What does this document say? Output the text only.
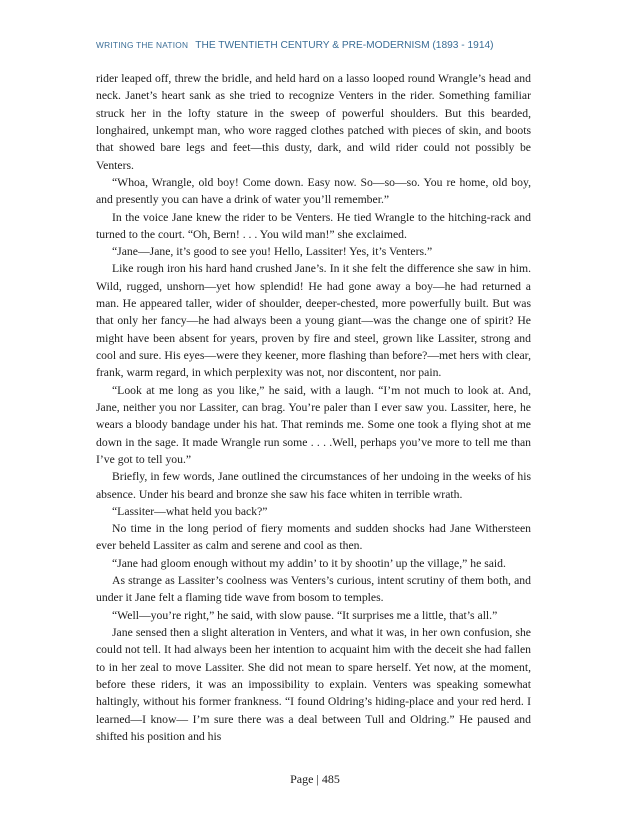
WRITING THE NATION THE TWENTIETH CENTURY & PRE-MODERNISM (1893 - 1914)

rider leaped off, threw the bridle, and held hard on a lasso looped round Wrangle’s head and neck. Janet’s heart sank as she tried to recognize Venters in the rider. Something familiar struck her in the lofty stature in the sweep of powerful shoulders. But this bearded, longhaired, unkempt man, who wore ragged clothes patched with pieces of skin, and boots that showed bare legs and feet—this dusty, dark, and wild rider could not possibly be Venters.

“Whoa, Wrangle, old boy! Come down. Easy now. So—so—so. You re home, old boy, and presently you can have a drink of water you’ll remember.”

In the voice Jane knew the rider to be Venters. He tied Wrangle to the hitching-rack and turned to the court. “Oh, Bern! . . . You wild man!” she exclaimed.

“Jane—Jane, it’s good to see you! Hello, Lassiter! Yes, it’s Venters.”

Like rough iron his hard hand crushed Jane’s. In it she felt the difference she saw in him. Wild, rugged, unshorn—yet how splendid! He had gone away a boy—he had returned a man. He appeared taller, wider of shoulder, deeper-chested, more powerfully built. But was that only her fancy—he had always been a young giant—was the change one of spirit? He might have been absent for years, proven by fire and steel, grown like Lassiter, strong and cool and sure. His eyes—were they keener, more flashing than before?—met hers with clear, frank, warm regard, in which perplexity was not, nor discontent, nor pain.

“Look at me long as you like,” he said, with a laugh. “I’m not much to look at. And, Jane, neither you nor Lassiter, can brag. You’re paler than I ever saw you. Lassiter, here, he wears a bloody bandage under his hat. That reminds me. Some one took a flying shot at me down in the sage. It made Wrangle run some . . . .Well, perhaps you’ve more to tell me than I’ve got to tell you.”

Briefly, in few words, Jane outlined the circumstances of her undoing in the weeks of his absence. Under his beard and bronze she saw his face whiten in terrible wrath.

“Lassiter—what held you back?”

No time in the long period of fiery moments and sudden shocks had Jane Withersteen ever beheld Lassiter as calm and serene and cool as then.

“Jane had gloom enough without my addin’ to it by shootin’ up the village,” he said.

As strange as Lassiter’s coolness was Venters’s curious, intent scrutiny of them both, and under it Jane felt a flaming tide wave from bosom to temples.

“Well—you’re right,” he said, with slow pause. “It surprises me a little, that’s all.”

Jane sensed then a slight alteration in Venters, and what it was, in her own confusion, she could not tell. It had always been her intention to acquaint him with the deceit she had fallen to in her zeal to move Lassiter. She did not mean to spare herself. Yet now, at the moment, before these riders, it was an impossibility to explain. Venters was speaking somewhat haltingly, without his former frankness. “I found Oldring’s hiding-place and your red herd. I learned—I know— I’m sure there was a deal between Tull and Oldring.” He paused and shifted his position and his

Page | 485
